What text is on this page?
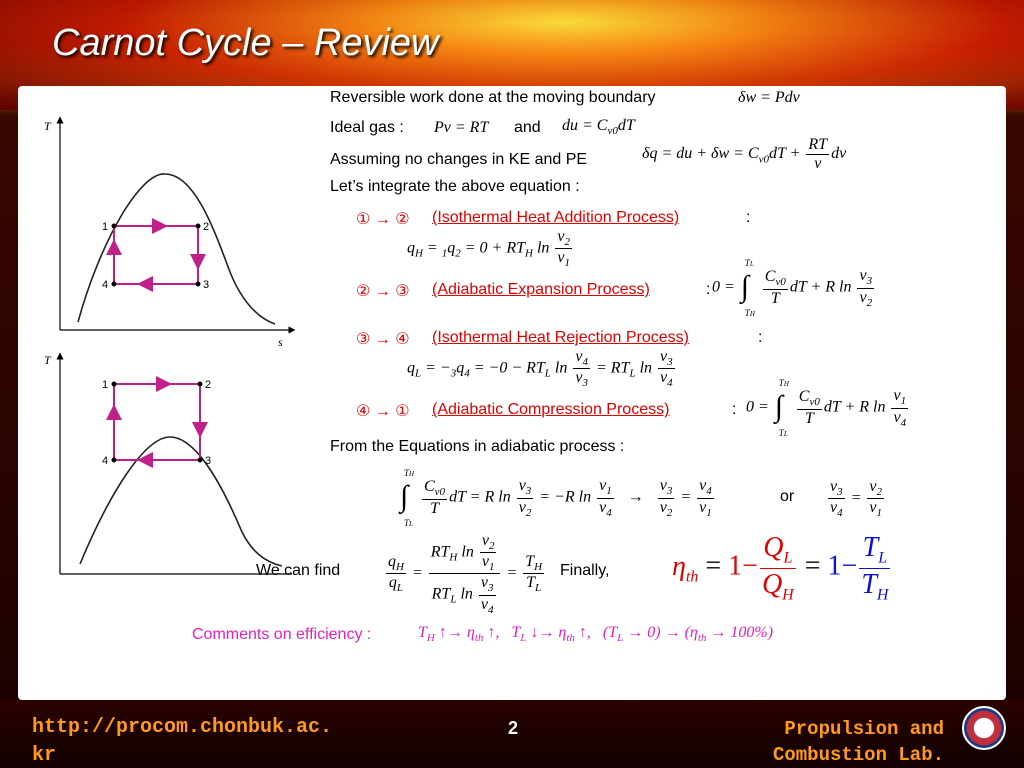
Carnot Cycle – Review
T
s
1	2
3
4
T
1	2
3
4
Reversible work done at the moving boundary	δw = Pdv
Ideal gas : Pv = RT and du = $C_{v0}dT$
Assuming no changes in KE and PE	δq = du + $\delta w = C_{v0}dT + \frac{RT}{v}$ dv
Let’s integrate the above equation :
① → ② (Isothermal Heat Addition Process)	:
$q_H = _1q_2 = 0 + RT_H$ $\ln \frac{v_2}{v_1}$
② → ③ (Adiabatic Expansion Process)	: 0 =
TL
∫
TH

$\frac{C_{v0}}{T}$ dT + R $\ln \frac{v_3}{v_2}$
③ → ④ (Isothermal Heat Rejection Process)	:
$q_L = -_3q_4 = -0 - RT_L$ $\ln \frac{v_4}{v_3} = RT_L$ $\ln \frac{v_3}{v_4}$
④ → ① (Adiabatic Compression Process)	: 0 =
TH
∫
TL

$\frac{C_{v0}}{T}$ dT + R $\ln \frac{v_1}{v_4}$
From the Equations in adiabatic process :
TH
∫
TL

$\frac{C_{v0}}{T}$ dT = R $\ln \frac{v_3}{v_2} = -R$ $\ln \frac{v_1}{v_4} \to \frac{v_3}{v_2} = \frac{v_4}{v_1}$	or $\frac{v_3}{v_4} = \frac{v_2}{v_1}$
We can find	$\frac{q_H}{q_L} = \frac{RT_H \ln \frac{v_2}{v_1}}{RT_L \ln \frac{v_3}{v_4}} = \frac{T_H}{T_L}$ Finally, $\eta_{th} = 1- \frac{Q_L}{Q_H} = 1- \frac{T_L}{T_H}$
Comments on efficiency :	$T_H$ ↑→ $\eta_{th}$ ↑,   $T_L$ ↓→ $\eta_{th}$ ↑,   $(T_L \to 0) \to (\eta_{th} \to 100\%)$
http://procom.chonbuk.ac.
kr
2	Propulsion and
Combustion Lab.
